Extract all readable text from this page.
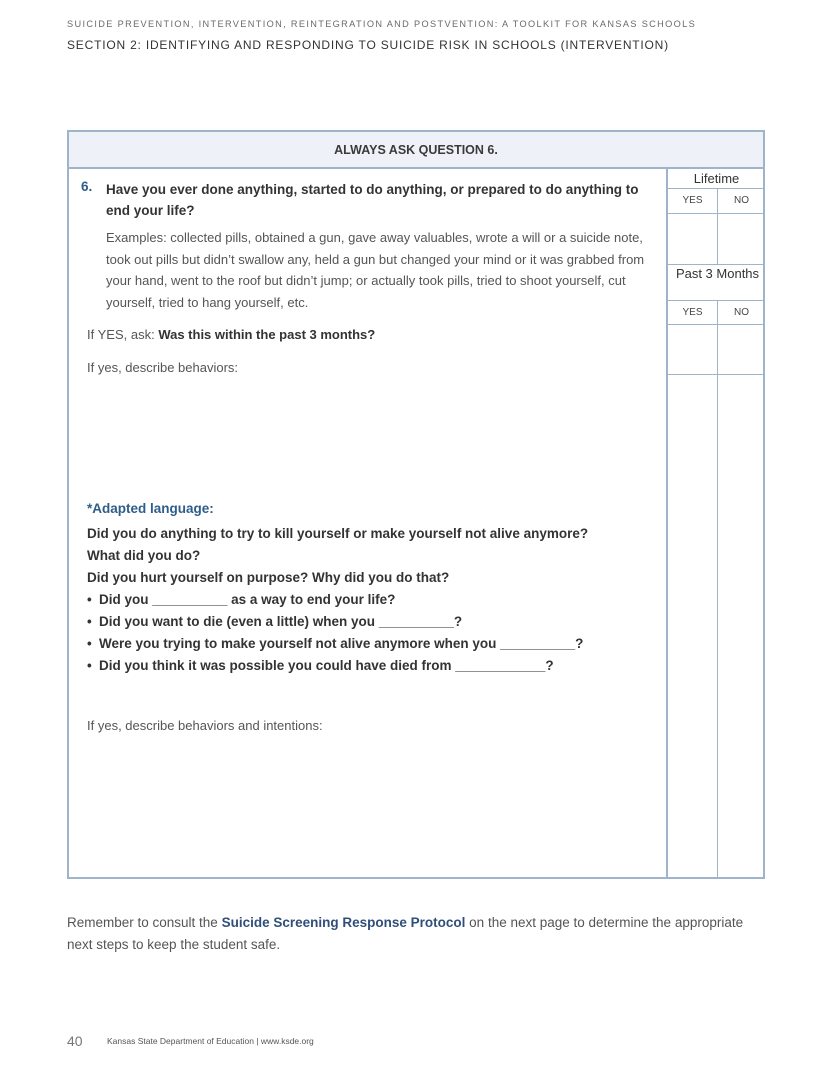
SUICIDE PREVENTION, INTERVENTION, REINTEGRATION AND POSTVENTION: A TOOLKIT FOR KANSAS SCHOOLS
SECTION 2: IDENTIFYING AND RESPONDING TO SUICIDE RISK IN SCHOOLS (INTERVENTION)
ALWAYS ASK QUESTION 6.
6. Have you ever done anything, started to do anything, or prepared to do anything to end your life?
Examples: collected pills, obtained a gun, gave away valuables, wrote a will or a suicide note, took out pills but didn’t swallow any, held a gun but changed your mind or it was grabbed from your hand, went to the roof but didn’t jump; or actually took pills, tried to shoot yourself, cut yourself, tried to hang yourself, etc.
If YES, ask: Was this within the past 3 months?
If yes, describe behaviors:
*Adapted language:
Did you do anything to try to kill yourself or make yourself not alive anymore?
What did you do?
Did you hurt yourself on purpose? Why did you do that?
• Did you __________ as a way to end your life?
• Did you want to die (even a little) when you __________?
• Were you trying to make yourself not alive anymore when you __________?
• Did you think it was possible you could have died from ____________?
If yes, describe behaviors and intentions:
Lifetime
YES	NO
Past 3 Months
YES	NO
Remember to consult the Suicide Screening Response Protocol on the next page to determine the appropriate next steps to keep the student safe.
40	Kansas State Department of Education | www.ksde.org
